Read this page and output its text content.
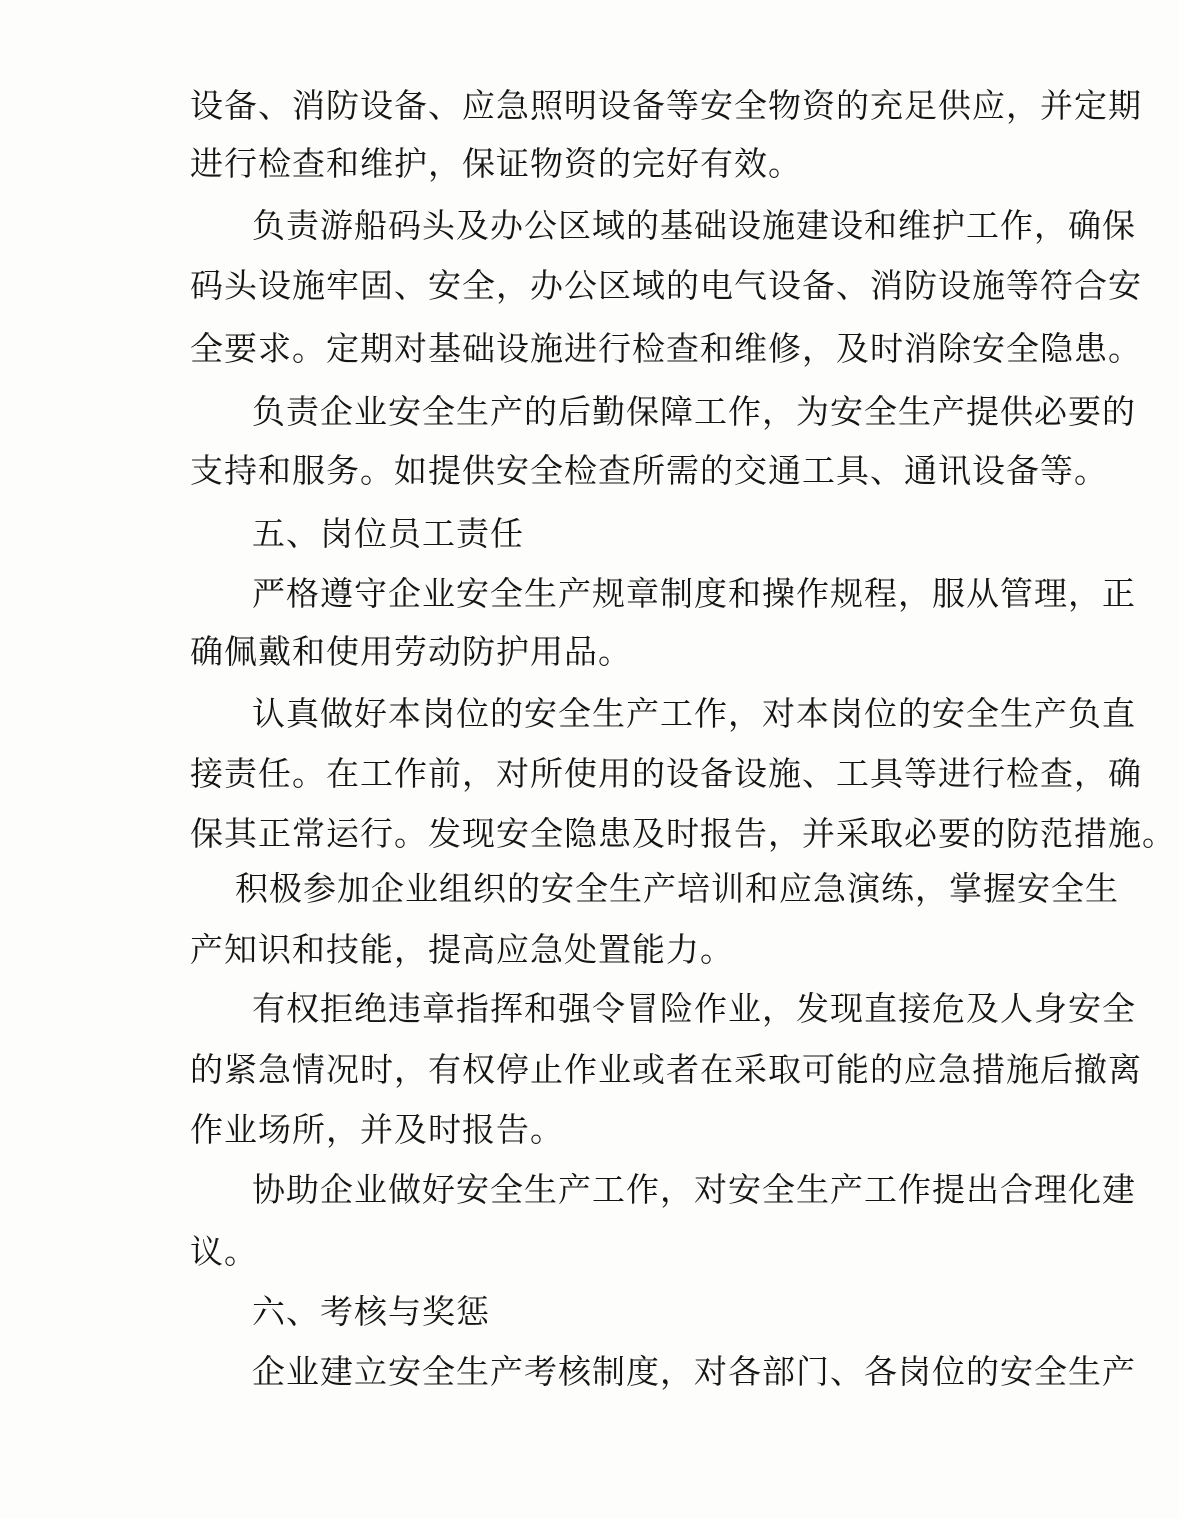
设备、消防设备、应急照明设备等安全物资的充足供应，并定期
进行检查和维护，保证物资的完好有效。
负责游船码头及办公区域的基础设施建设和维护工作，确保
码头设施牢固、安全，办公区域的电气设备、消防设施等符合安
全要求。定期对基础设施进行检查和维修，及时消除安全隐患。
负责企业安全生产的后勤保障工作，为安全生产提供必要的
支持和服务。如提供安全检查所需的交通工具、通讯设备等。
五、岗位员工责任
严格遵守企业安全生产规章制度和操作规程，服从管理，正
确佩戴和使用劳动防护用品。
认真做好本岗位的安全生产工作，对本岗位的安全生产负直
接责任。在工作前，对所使用的设备设施、工具等进行检查，确
保其正常运行。发现安全隐患及时报告，并采取必要的防范措施。
积极参加企业组织的安全生产培训和应急演练，掌握安全生
产知识和技能，提高应急处置能力。
有权拒绝违章指挥和强令冒险作业，发现直接危及人身安全
的紧急情况时，有权停止作业或者在采取可能的应急措施后撤离
作业场所，并及时报告。
协助企业做好安全生产工作，对安全生产工作提出合理化建
议。
六、考核与奖惩
企业建立安全生产考核制度，对各部门、各岗位的安全生产
